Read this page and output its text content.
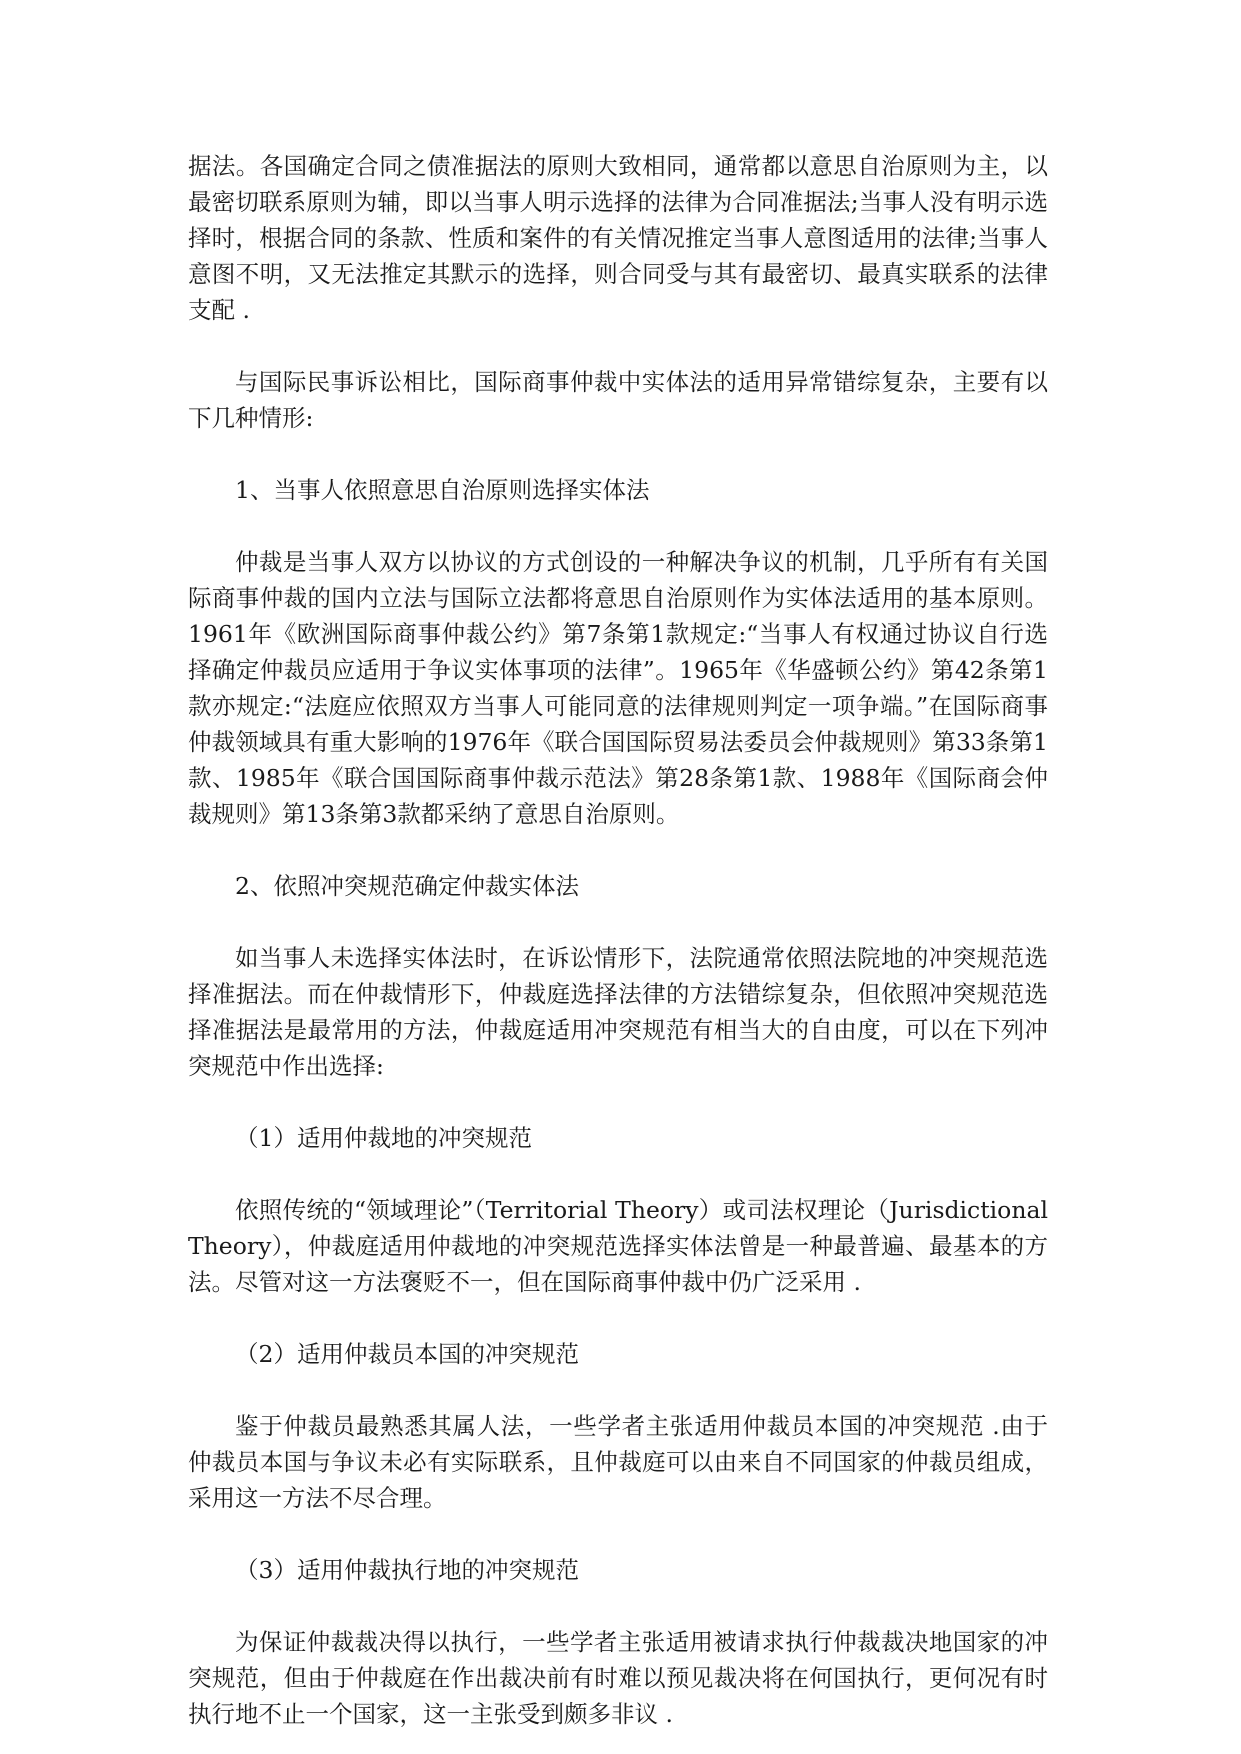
据法。各国确定合同之债准据法的原则大致相同，通常都以意思自治原则为主，以最密切联系原则为辅，即以当事人明示选择的法律为合同准据法;当事人没有明示选择时，根据合同的条款、性质和案件的有关情况推定当事人意图适用的法律;当事人意图不明，又无法推定其默示的选择，则合同受与其有最密切、最真实联系的法律支配 .

与国际民事诉讼相比，国际商事仲裁中实体法的适用异常错综复杂，主要有以下几种情形:

1、当事人依照意思自治原则选择实体法

仲裁是当事人双方以协议的方式创设的一种解决争议的机制，几乎所有有关国际商事仲裁的国内立法与国际立法都将意思自治原则作为实体法适用的基本原则。1961年《欧洲国际商事仲裁公约》第7条第1款规定:“当事人有权通过协议自行选择确定仲裁员应适用于争议实体事项的法律”。1965年《华盛顿公约》第42条第1款亦规定:“法庭应依照双方当事人可能同意的法律规则判定一项争端。”在国际商事仲裁领域具有重大影响的1976年《联合国国际贸易法委员会仲裁规则》第33条第1款、1985年《联合国国际商事仲裁示范法》第28条第1款、1988年《国际商会仲裁规则》第13条第3款都采纳了意思自治原则。

2、依照冲突规范确定仲裁实体法

如当事人未选择实体法时，在诉讼情形下，法院通常依照法院地的冲突规范选择准据法。而在仲裁情形下，仲裁庭选择法律的方法错综复杂，但依照冲突规范选择准据法是最常用的方法，仲裁庭适用冲突规范有相当大的自由度，可以在下列冲突规范中作出选择:

（1）适用仲裁地的冲突规范

依照传统的“领域理论”（Territorial Theory）或司法权理论（Jurisdictional Theory），仲裁庭适用仲裁地的冲突规范选择实体法曾是一种最普遍、最基本的方法。尽管对这一方法褒贬不一，但在国际商事仲裁中仍广泛采用 .

（2）适用仲裁员本国的冲突规范

鉴于仲裁员最熟悉其属人法，一些学者主张适用仲裁员本国的冲突规范 .由于仲裁员本国与争议未必有实际联系，且仲裁庭可以由来自不同国家的仲裁员组成，采用这一方法不尽合理。

（3）适用仲裁执行地的冲突规范

为保证仲裁裁决得以执行，一些学者主张适用被请求执行仲裁裁决地国家的冲突规范，但由于仲裁庭在作出裁决前有时难以预见裁决将在何国执行，更何况有时执行地不止一个国家，这一主张受到颇多非议 .
